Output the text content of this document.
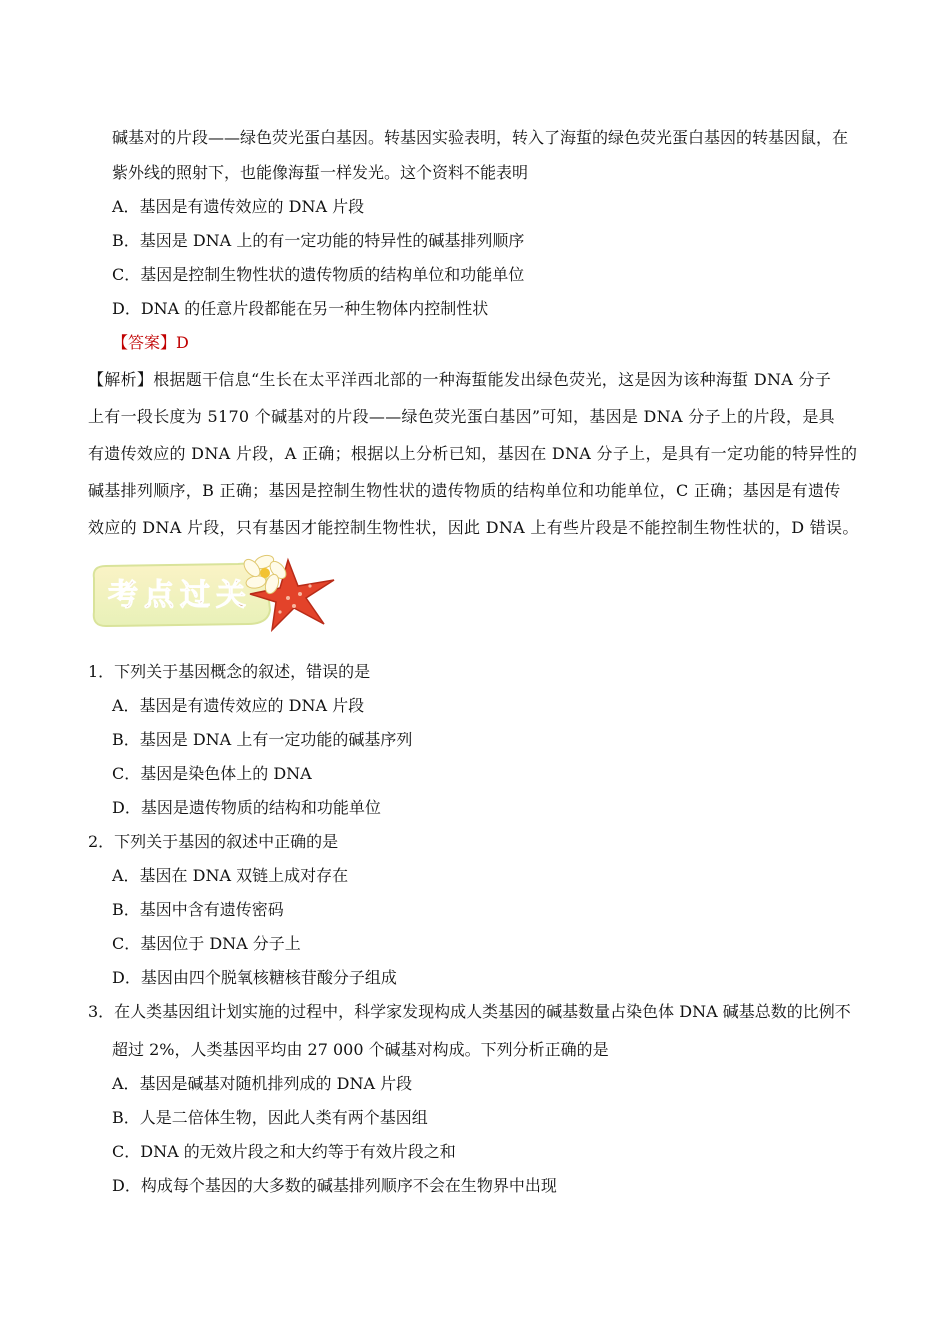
碱基对的片段——绿色荧光蛋白基因。转基因实验表明，转入了海蜇的绿色荧光蛋白基因的转基因鼠，在
紫外线的照射下，也能像海蜇一样发光。这个资料不能表明
A．基因是有遗传效应的 DNA 片段
B．基因是 DNA 上的有一定功能的特异性的碱基排列顺序
C．基因是控制生物性状的遗传物质的结构单位和功能单位
D．DNA 的任意片段都能在另一种生物体内控制性状
【答案】D
【解析】根据题干信息“生长在太平洋西北部的一种海蜇能发出绿色荧光，这是因为该种海蜇 DNA 分子
上有一段长度为 5170 个碱基对的片段——绿色荧光蛋白基因”可知，基因是 DNA 分子上的片段，是具
有遗传效应的 DNA 片段，A 正确；根据以上分析已知，基因在 DNA 分子上，是具有一定功能的特异性的
碱基排列顺序，B 正确；基因是控制生物性状的遗传物质的结构单位和功能单位，C 正确；基因是有遗传
效应的 DNA 片段，只有基因才能控制生物性状，因此 DNA 上有些片段是不能控制生物性状的，D 错误。
考点过关
1．下列关于基因概念的叙述，错误的是
A．基因是有遗传效应的 DNA 片段
B．基因是 DNA 上有一定功能的碱基序列
C．基因是染色体上的 DNA
D．基因是遗传物质的结构和功能单位
2．下列关于基因的叙述中正确的是
A．基因在 DNA 双链上成对存在
B．基因中含有遗传密码
C．基因位于 DNA 分子上
D．基因由四个脱氧核糖核苷酸分子组成
3．在人类基因组计划实施的过程中，科学家发现构成人类基因的碱基数量占染色体 DNA 碱基总数的比例不
超过 2%，人类基因平均由 27 000 个碱基对构成。下列分析正确的是
A．基因是碱基对随机排列成的 DNA 片段
B．人是二倍体生物，因此人类有两个基因组
C．DNA 的无效片段之和大约等于有效片段之和
D．构成每个基因的大多数的碱基排列顺序不会在生物界中出现
